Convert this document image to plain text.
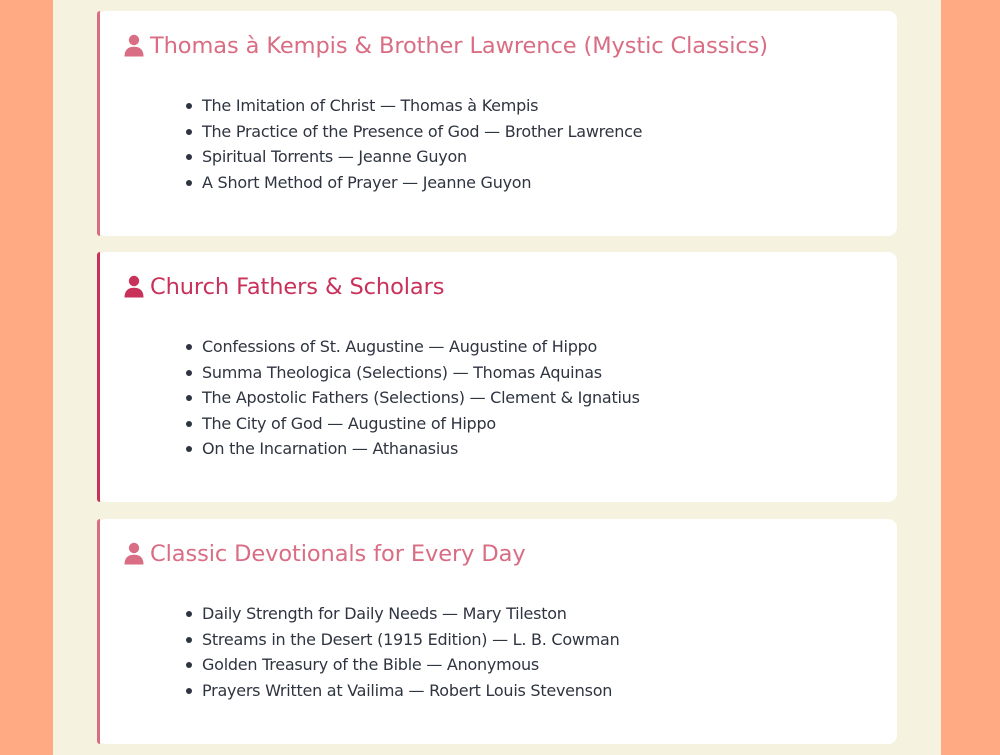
Thomas à Kempis & Brother Lawrence (Mystic Classics)
The Imitation of Christ — Thomas à Kempis
The Practice of the Presence of God — Brother Lawrence
Spiritual Torrents — Jeanne Guyon
A Short Method of Prayer — Jeanne Guyon
Church Fathers & Scholars
Confessions of St. Augustine — Augustine of Hippo
Summa Theologica (Selections) — Thomas Aquinas
The Apostolic Fathers (Selections) — Clement & Ignatius
The City of God — Augustine of Hippo
On the Incarnation — Athanasius
Classic Devotionals for Every Day
Daily Strength for Daily Needs — Mary Tileston
Streams in the Desert (1915 Edition) — L. B. Cowman
Golden Treasury of the Bible — Anonymous
Prayers Written at Vailima — Robert Louis Stevenson
